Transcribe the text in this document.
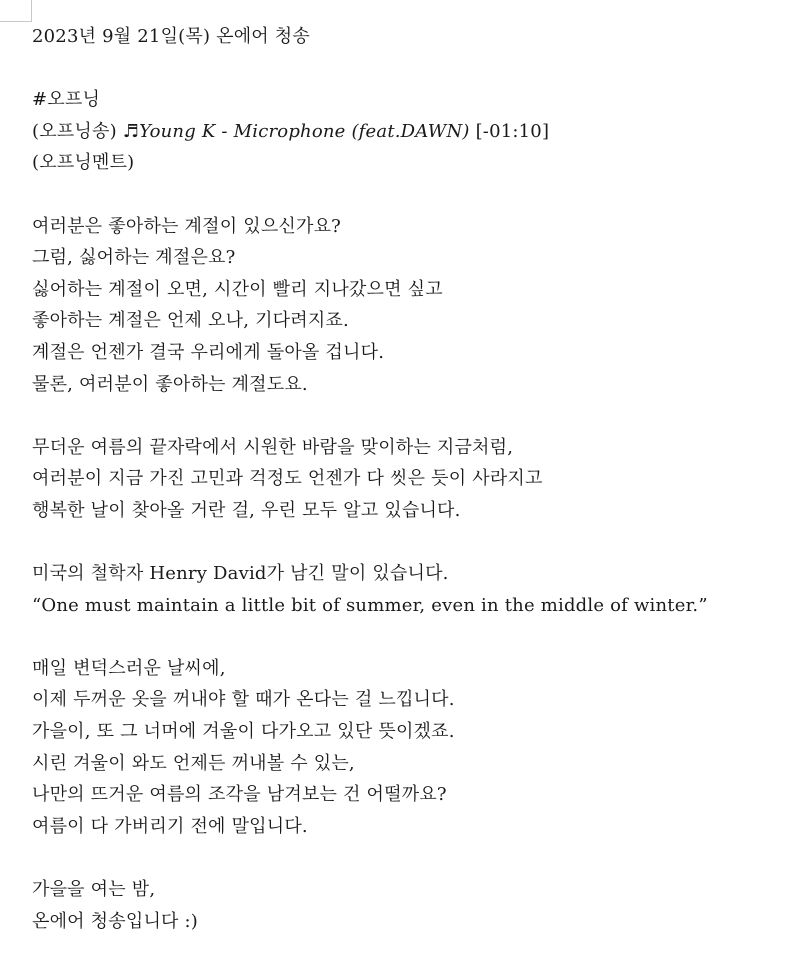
2023년 9월 21일(목) 온에어 청송
#오프닝
(오프닝송) ♬Young K - Microphone (feat.DAWN) [-01:10]
(오프닝멘트)
여러분은 좋아하는 계절이 있으신가요?
그럼, 싫어하는 계절은요?
싫어하는 계절이 오면, 시간이 빨리 지나갔으면 싶고
좋아하는 계절은 언제 오나, 기다려지죠.
계절은 언젠가 결국 우리에게 돌아올 겁니다.
물론, 여러분이 좋아하는 계절도요.
무더운 여름의 끝자락에서 시원한 바람을 맞이하는 지금처럼,
여러분이 지금 가진 고민과 걱정도 언젠가 다 씻은 듯이 사라지고
행복한 날이 찾아올 거란 걸, 우린 모두 알고 있습니다.
미국의 철학자 Henry David가 남긴 말이 있습니다.
“One must maintain a little bit of summer, even in the middle of winter.”
매일 변덕스러운 날씨에,
이제 두꺼운 옷을 꺼내야 할 때가 온다는 걸 느낍니다.
가을이, 또 그 너머에 겨울이 다가오고 있단 뜻이겠죠.
시린 겨울이 와도 언제든 꺼내볼 수 있는,
나만의 뜨거운 여름의 조각을 남겨보는 건 어떨까요?
여름이 다 가버리기 전에 말입니다.
가을을 여는 밤,
온에어 청송입니다 :)
